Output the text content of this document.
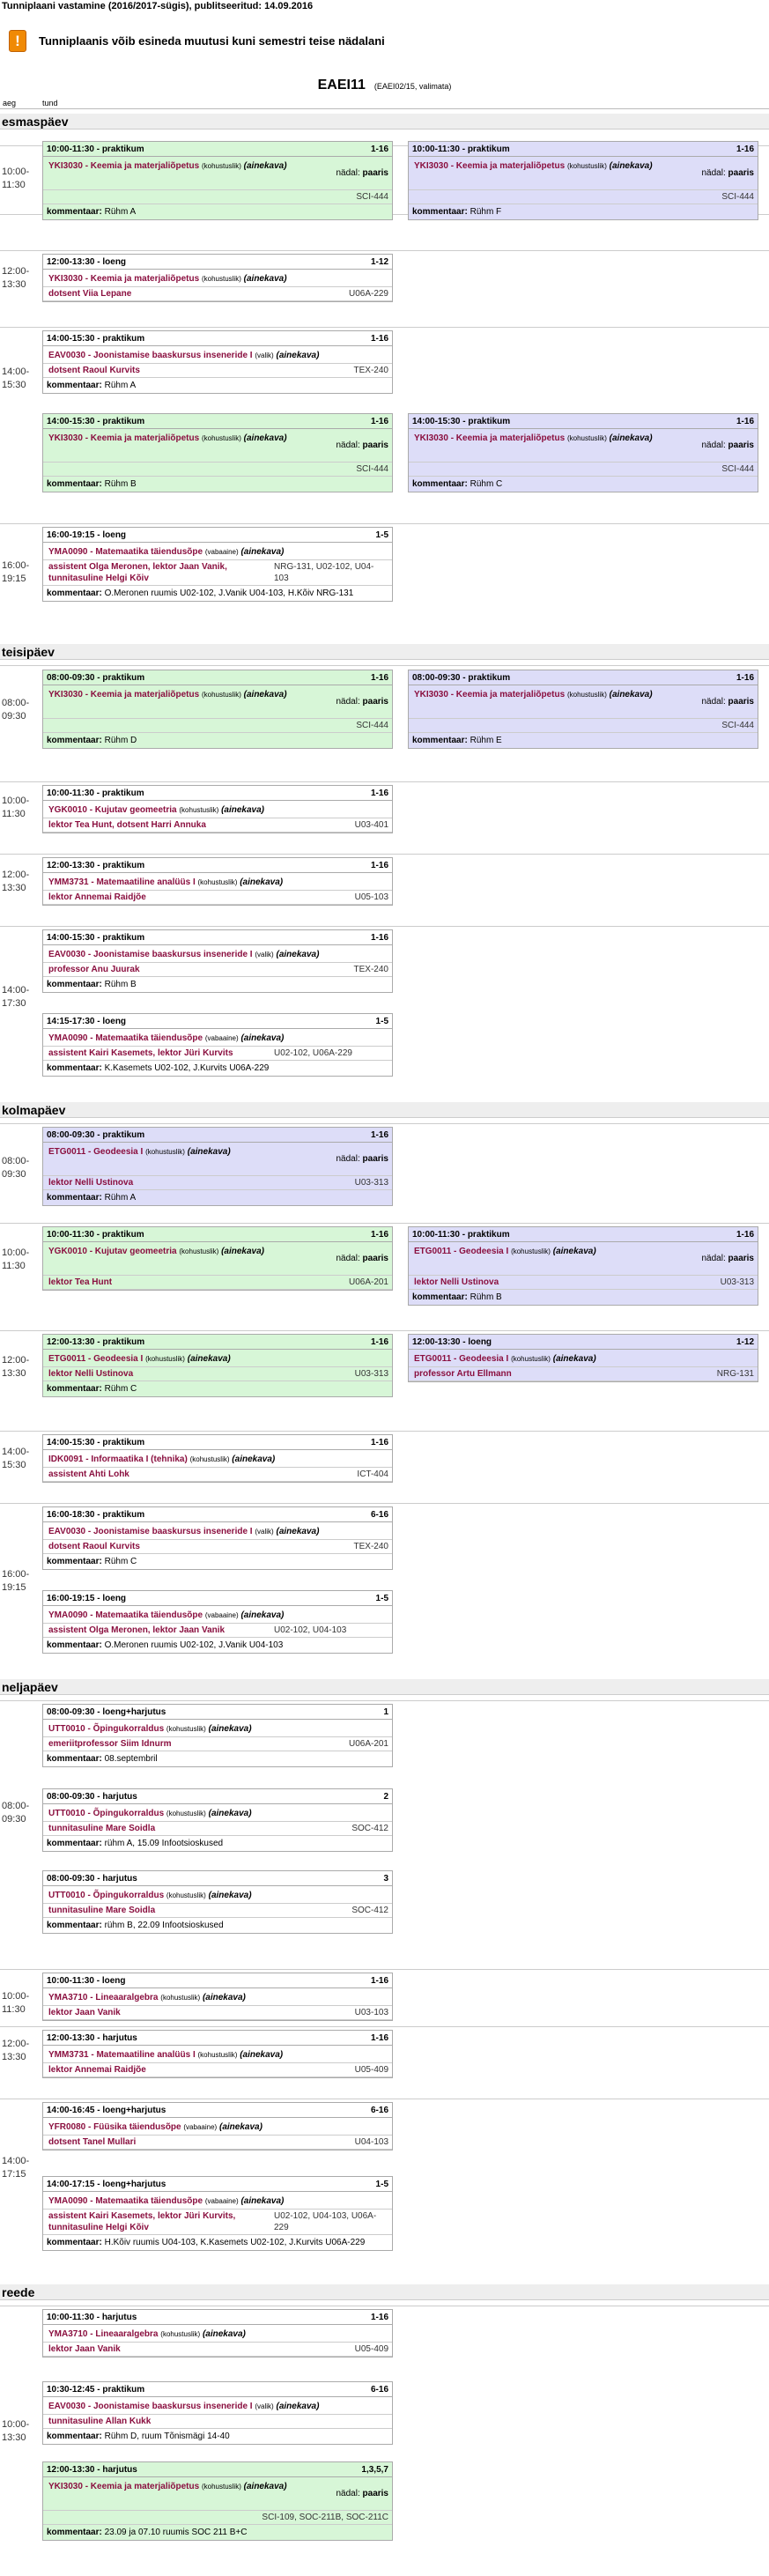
Tunniplaani vastamine (2016/2017-sügis), publitseeritud: 14.09.2016
!	Tunniplaanis võib esineda muutusi kuni semestri teise nädalani
EAEI11 (EAEI02/15, valimata)
aeg	tund
esmaspäev
10:00-
11:30
10:00-11:30 - praktikum	1-16
YKI3030 - Keemia ja materjaliõpetus (kohustuslik) (ainekava)
nädal: paaris
SCI-444
kommentaar: Rühm A
10:00-11:30 - praktikum	1-16
YKI3030 - Keemia ja materjaliõpetus (kohustuslik) (ainekava)
nädal: paaris
SCI-444
kommentaar: Rühm F
12:00-
13:30
12:00-13:30 - loeng	1-12
YKI3030 - Keemia ja materjaliõpetus (kohustuslik) (ainekava)
dotsent Viia Lepane	U06A-229
14:00-
15:30
14:00-15:30 - praktikum	1-16
EAV0030 - Joonistamise baaskursus inseneride I (valik) (ainekava)
dotsent Raoul Kurvits	TEX-240
kommentaar: Rühm A
14:00-15:30 - praktikum	1-16
YKI3030 - Keemia ja materjaliõpetus (kohustuslik) (ainekava)
nädal: paaris
SCI-444
kommentaar: Rühm B
14:00-15:30 - praktikum	1-16
YKI3030 - Keemia ja materjaliõpetus (kohustuslik) (ainekava)
nädal: paaris
SCI-444
kommentaar: Rühm C
16:00-
19:15
16:00-19:15 - loeng	1-5
YMA0090 - Matemaatika täiendusõpe (vabaaine) (ainekava)
assistent Olga Meronen, lektor Jaan Vanik, tunnitasuline Helgi Kõiv
NRG-131, U02-102, U04-103
kommentaar: O.Meronen ruumis U02-102, J.Vanik U04-103, H.Kõiv NRG-131
teisipäev
08:00-
09:30
08:00-09:30 - praktikum	1-16
YKI3030 - Keemia ja materjaliõpetus (kohustuslik) (ainekava)
nädal: paaris
SCI-444
kommentaar: Rühm D
08:00-09:30 - praktikum	1-16
YKI3030 - Keemia ja materjaliõpetus (kohustuslik) (ainekava)
nädal: paaris
SCI-444
kommentaar: Rühm E
10:00-
11:30
10:00-11:30 - praktikum	1-16
YGK0010 - Kujutav geomeetria (kohustuslik) (ainekava)
lektor Tea Hunt, dotsent Harri Annuka	U03-401
12:00-
13:30
12:00-13:30 - praktikum	1-16
YMM3731 - Matemaatiline analüüs I (kohustuslik) (ainekava)
lektor Annemai Raidjõe	U05-103
14:00-
17:30
14:00-15:30 - praktikum	1-16
EAV0030 - Joonistamise baaskursus inseneride I (valik) (ainekava)
professor Anu Juurak	TEX-240
kommentaar: Rühm B
14:15-17:30 - loeng	1-5
YMA0090 - Matemaatika täiendusõpe (vabaaine) (ainekava)
assistent Kairi Kasemets, lektor Jüri Kurvits	U02-102, U06A-229
kommentaar: K.Kasemets U02-102, J.Kurvits U06A-229
kolmapäev
08:00-
09:30
08:00-09:30 - praktikum	1-16
ETG0011 - Geodeesia I (kohustuslik) (ainekava)
nädal: paaris
lektor Nelli Ustinova	U03-313
kommentaar: Rühm A
10:00-
11:30
10:00-11:30 - praktikum	1-16
YGK0010 - Kujutav geomeetria (kohustuslik) (ainekava)
nädal: paaris
lektor Tea Hunt	U06A-201
10:00-11:30 - praktikum	1-16
ETG0011 - Geodeesia I (kohustuslik) (ainekava)
nädal: paaris
lektor Nelli Ustinova	U03-313
kommentaar: Rühm B
12:00-
13:30
12:00-13:30 - praktikum	1-16
ETG0011 - Geodeesia I (kohustuslik) (ainekava)
lektor Nelli Ustinova	U03-313
kommentaar: Rühm C
12:00-13:30 - loeng	1-12
ETG0011 - Geodeesia I (kohustuslik) (ainekava)
professor Artu Ellmann	NRG-131
14:00-
15:30
14:00-15:30 - praktikum	1-16
IDK0091 - Informaatika I (tehnika) (kohustuslik) (ainekava)
assistent Ahti Lohk	ICT-404
16:00-
19:15
16:00-18:30 - praktikum	6-16
EAV0030 - Joonistamise baaskursus inseneride I (valik) (ainekava)
dotsent Raoul Kurvits	TEX-240
kommentaar: Rühm C
16:00-19:15 - loeng	1-5
YMA0090 - Matemaatika täiendusõpe (vabaaine) (ainekava)
assistent Olga Meronen, lektor Jaan Vanik	U02-102, U04-103
kommentaar: O.Meronen ruumis U02-102, J.Vanik U04-103
neljapäev
08:00-
09:30
08:00-09:30 - loeng+harjutus	1
UTT0010 - Õpingukorraldus (kohustuslik) (ainekava)
emeriitprofessor Siim Idnurm	U06A-201
kommentaar: 08.septembril
08:00-09:30 - harjutus	2
UTT0010 - Õpingukorraldus (kohustuslik) (ainekava)
tunnitasuline Mare Soidla	SOC-412
kommentaar: rühm A, 15.09 Infootsioskused
08:00-09:30 - harjutus	3
UTT0010 - Õpingukorraldus (kohustuslik) (ainekava)
tunnitasuline Mare Soidla	SOC-412
kommentaar: rühm B, 22.09 Infootsioskused
10:00-
11:30
10:00-11:30 - loeng	1-16
YMA3710 - Lineaaralgebra (kohustuslik) (ainekava)
lektor Jaan Vanik	U03-103
12:00-
13:30
12:00-13:30 - harjutus	1-16
YMM3731 - Matemaatiline analüüs I (kohustuslik) (ainekava)
lektor Annemai Raidjõe	U05-409
14:00-
17:15
14:00-16:45 - loeng+harjutus	6-16
YFR0080 - Füüsika täiendusõpe (vabaaine) (ainekava)
dotsent Tanel Mullari	U04-103
14:00-17:15 - loeng+harjutus	1-5
YMA0090 - Matemaatika täiendusõpe (vabaaine) (ainekava)
assistent Kairi Kasemets, lektor Jüri Kurvits, tunnitasuline Helgi Kõiv
U02-102, U04-103, U06A-229
kommentaar: H.Kõiv ruumis U04-103, K.Kasemets U02-102, J.Kurvits U06A-229
reede
10:00-
13:30
10:00-11:30 - harjutus	1-16
YMA3710 - Lineaaralgebra (kohustuslik) (ainekava)
lektor Jaan Vanik	U05-409
10:30-12:45 - praktikum	6-16
EAV0030 - Joonistamise baaskursus inseneride I (valik) (ainekava)
tunnitasuline Allan Kukk
kommentaar: Rühm D, ruum Tõnismägi 14-40
12:00-13:30 - harjutus	1,3,5,7
YKI3030 - Keemia ja materjaliõpetus (kohustuslik) (ainekava)
nädal: paaris
SCI-109, SOC-211B, SOC-211C
kommentaar: 23.09 ja 07.10 ruumis SOC 211 B+C
